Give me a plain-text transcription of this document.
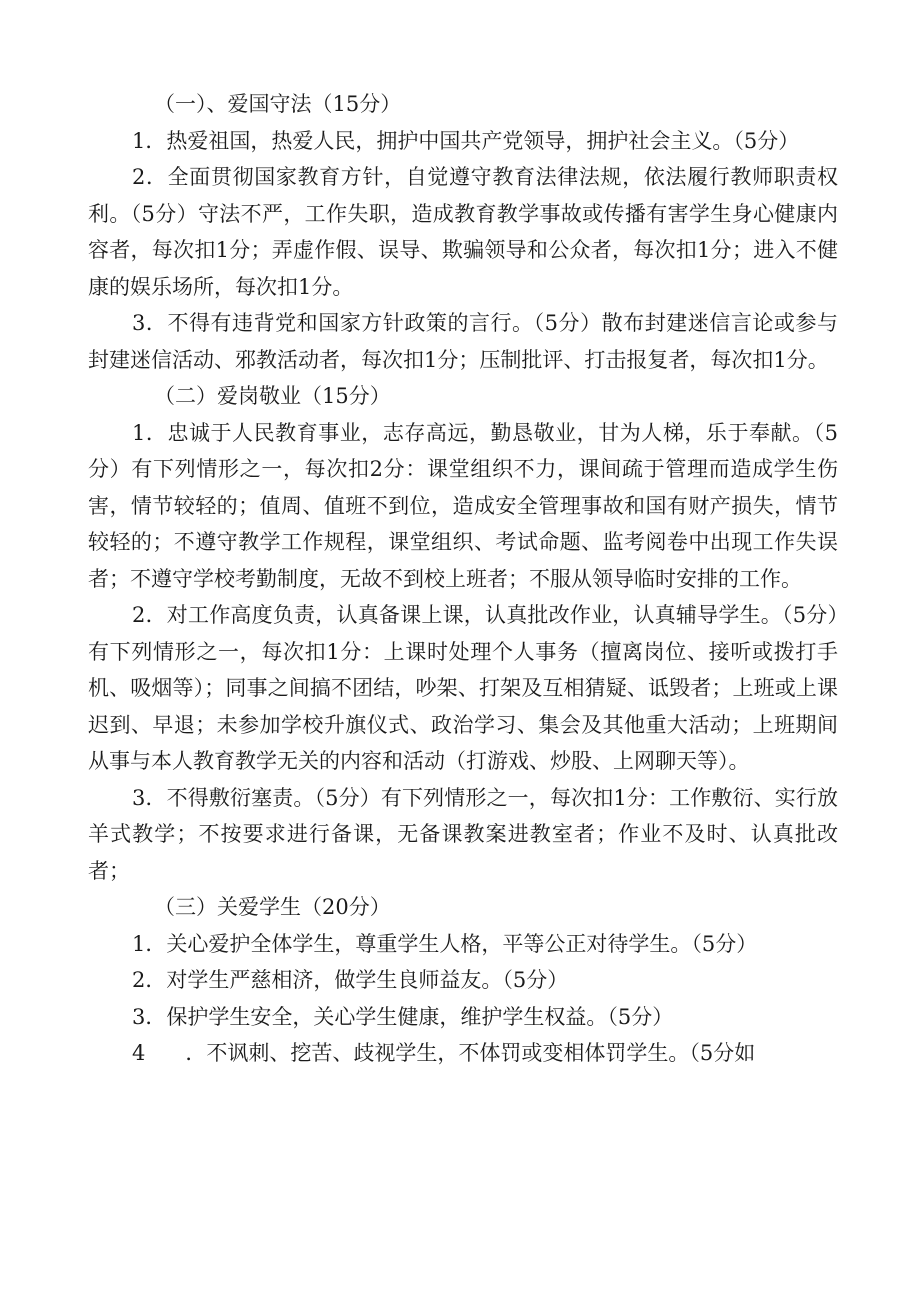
（一）、爱国守法（15分）

1．热爱祖国，热爱人民，拥护中国共产党领导，拥护社会主义。（5分）

2．全面贯彻国家教育方针，自觉遵守教育法律法规，依法履行教师职责权利。（5分）守法不严，工作失职，造成教育教学事故或传播有害学生身心健康内容者，每次扣1分；弄虚作假、误导、欺骗领导和公众者，每次扣1分；进入不健康的娱乐场所，每次扣1分。

3．不得有违背党和国家方针政策的言行。（5分）散布封建迷信言论或参与封建迷信活动、邪教活动者，每次扣1分；压制批评、打击报复者，每次扣1分。

（二）爱岗敬业（15分）

1．忠诚于人民教育事业，志存高远，勤恳敬业，甘为人梯，乐于奉献。（5分）有下列情形之一，每次扣2分：课堂组织不力，课间疏于管理而造成学生伤害，情节较轻的；值周、值班不到位，造成安全管理事故和国有财产损失，情节较轻的；不遵守教学工作规程，课堂组织、考试命题、监考阅卷中出现工作失误者；不遵守学校考勤制度，无故不到校上班者；不服从领导临时安排的工作。

2．对工作高度负责，认真备课上课，认真批改作业，认真辅导学生。（5分）有下列情形之一，每次扣1分：上课时处理个人事务（擅离岗位、接听或拨打手机、吸烟等）；同事之间搞不团结，吵架、打架及互相猜疑、诋毁者；上班或上课迟到、早退；未参加学校升旗仪式、政治学习、集会及其他重大活动；上班期间从事与本人教育教学无关的内容和活动（打游戏、炒股、上网聊天等）。

3．不得敷衍塞责。（5分）有下列情形之一，每次扣1分：工作敷衍、实行放羊式教学；不按要求进行备课，无备课教案进教室者；作业不及时、认真批改者；

（三）关爱学生（20分）

1．关心爱护全体学生，尊重学生人格，平等公正对待学生。（5分）

2．对学生严慈相济，做学生良师益友。（5分）

3．保护学生安全，关心学生健康，维护学生权益。（5分）

4 ．不讽刺、挖苦、歧视学生，不体罚或变相体罚学生。（5分如
